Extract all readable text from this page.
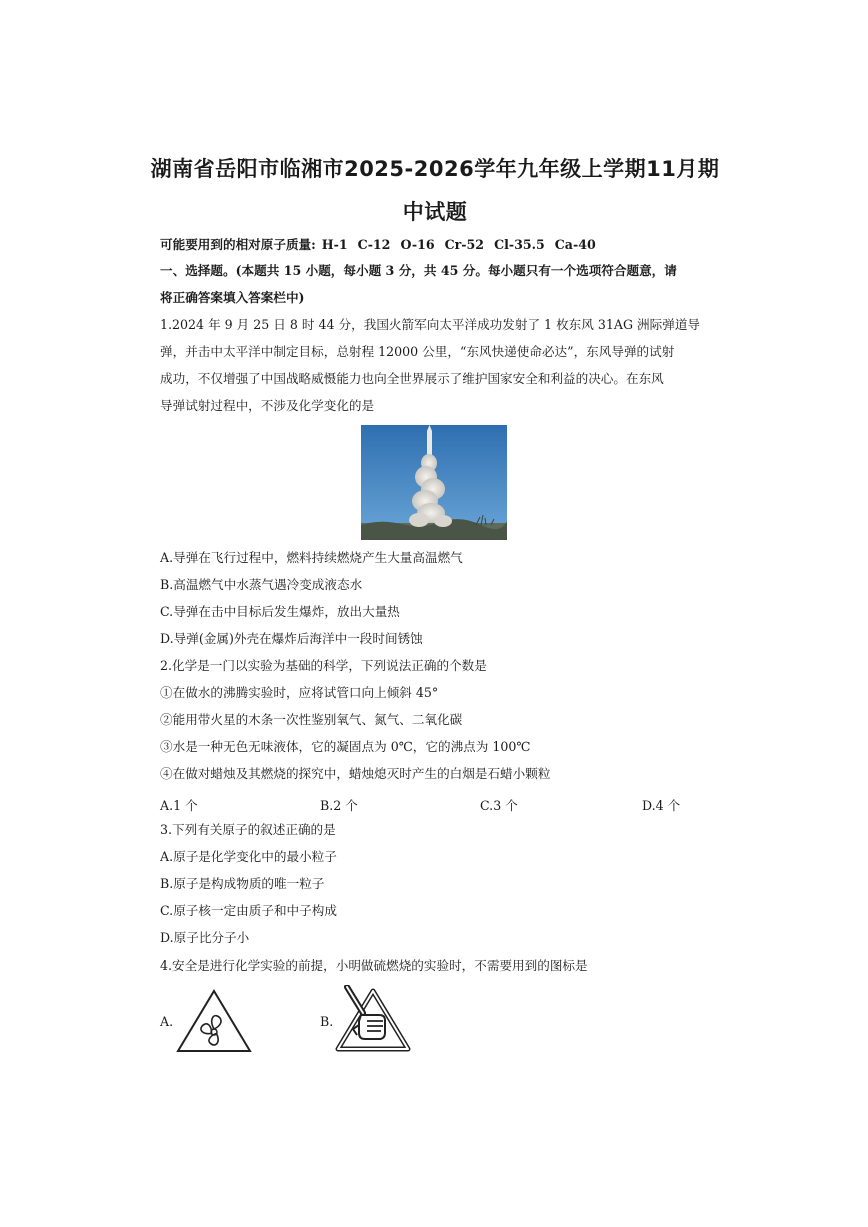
湖南省岳阳市临湘市2025-2026学年九年级上学期11月期
中试题
可能要用到的相对原子质量: H-1 C-12 O-16 Cr-52 Cl-35.5 Ca-40
一、选择题。(本题共 15 小题，每小题 3 分，共 45 分。每小题只有一个选项符合题意，请
将正确答案填入答案栏中)
1.2024 年 9 月 25 日 8 时 44 分，我国火箭军向太平洋成功发射了 1 枚东风 31AG 洲际弹道导
弹，并击中太平洋中制定目标，总射程 12000 公里，“东风快递使命必达”，东风导弹的试射
成功，不仅增强了中国战略威慑能力也向全世界展示了维护国家安全和利益的决心。在东风
导弹试射过程中，不涉及化学变化的是
A.导弹在飞行过程中，燃料持续燃烧产生大量高温燃气
B.高温燃气中水蒸气遇冷变成液态水
C.导弹在击中目标后发生爆炸，放出大量热
D.导弹(金属)外壳在爆炸后海洋中一段时间锈蚀
2.化学是一门以实验为基础的科学，下列说法正确的个数是
①在做水的沸腾实验时，应将试管口向上倾斜 45°
②能用带火星的木条一次性鉴别氧气、氮气、二氧化碳
③水是一种无色无味液体，它的凝固点为 0℃，它的沸点为 100℃
④在做对蜡烛及其燃烧的探究中，蜡烛熄灭时产生的白烟是石蜡小颗粒
A.1 个	B.2 个	C.3 个	D.4 个
3.下列有关原子的叙述正确的是
A.原子是化学变化中的最小粒子
B.原子是构成物质的唯一粒子
C.原子核一定由质子和中子构成
D.原子比分子小
4.安全是进行化学实验的前提，小明做硫燃烧的实验时，不需要用到的图标是
A.	B.
